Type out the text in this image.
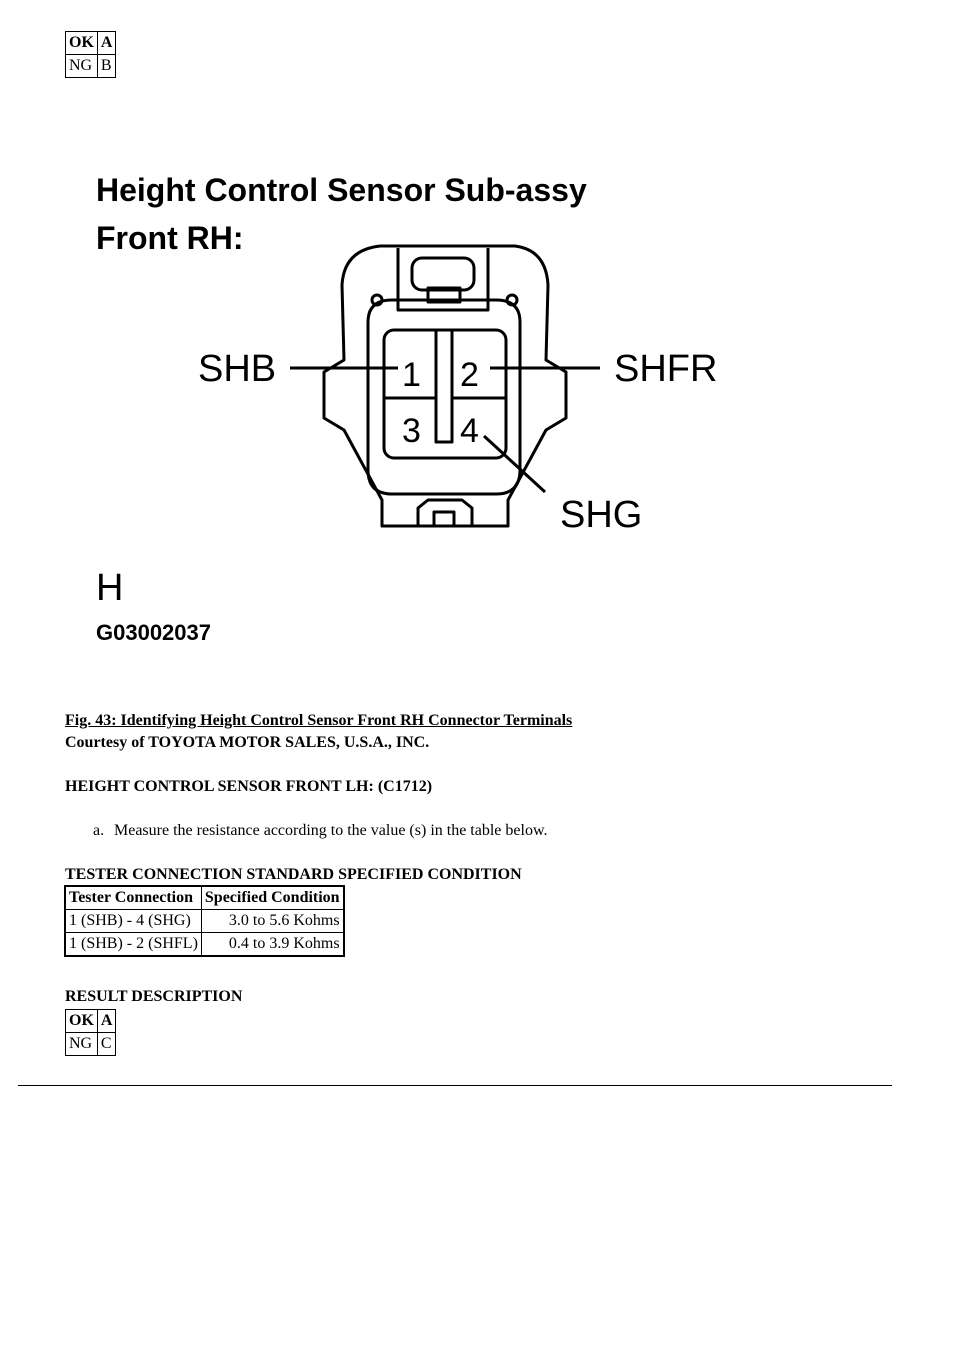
OK	A
NG	B
Height Control Sensor Sub-assy
Front RH:
1 2
3 4
SHB	SHFR
SHG
H
G03002037
Fig. 43: Identifying Height Control Sensor Front RH Connector Terminals
Courtesy of TOYOTA MOTOR SALES, U.S.A., INC.
HEIGHT CONTROL SENSOR FRONT LH: (C1712)
a. Measure the resistance according to the value (s) in the table below.
TESTER CONNECTION STANDARD SPECIFIED CONDITION
Tester Connection	Specified Condition
1 (SHB) - 4 (SHG)	3.0 to 5.6 Kohms
1 (SHB) - 2 (SHFL)	0.4 to 3.9 Kohms
RESULT DESCRIPTION
OK	A
NG	C
